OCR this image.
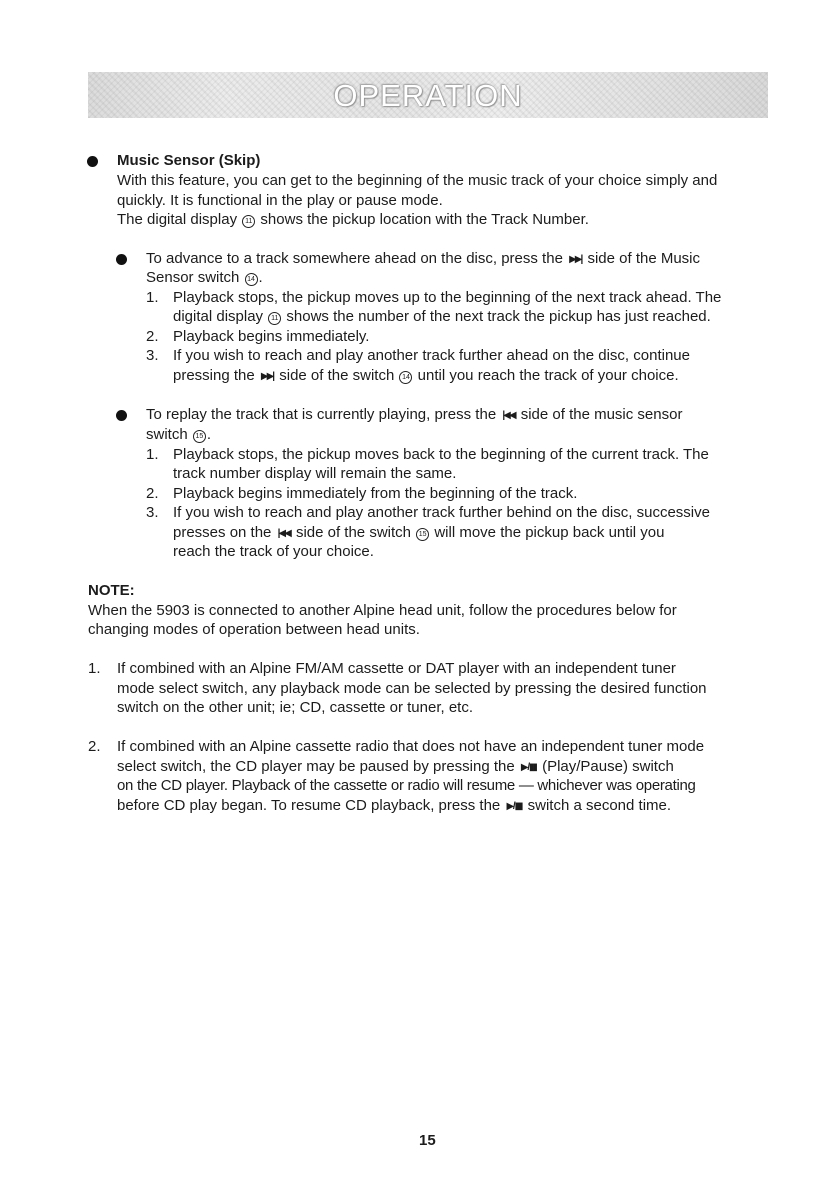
OPERATION
Music Sensor (Skip)
With this feature, you can get to the beginning of the music track of your choice simply and
quickly. It is functional in the play or pause mode.
The digital display 11 shows the pickup location with the Track Number.
To advance to a track somewhere ahead on the disc, press the ▶▶| side of the Music
Sensor switch 14 .
1. Playback stops, the pickup moves up to the beginning of the next track ahead. The
digital display 11 shows the number of the next track the pickup has just reached.
2. Playback begins immediately.
3. If you wish to reach and play another track further ahead on the disc, continue
pressing the ▶▶| side of the switch 14 until you reach the track of your choice.
To replay the track that is currently playing, press the |◀◀ side of the music sensor
switch 15 .
1. Playback stops, the pickup moves back to the beginning of the current track. The
track number display will remain the same.
2. Playback begins immediately from the beginning of the track.
3. If you wish to reach and play another track further behind on the disc, successive
presses on the |◀◀ side of the switch 15 will move the pickup back until you
reach the track of your choice.
NOTE:
When the 5903 is connected to another Alpine head unit, follow the procedures below for
changing modes of operation between head units.
1.	If combined with an Alpine FM/AM cassette or DAT player with an independent tuner
mode select switch, any playback mode can be selected by pressing the desired function
switch on the other unit; ie; CD, cassette or tuner, etc.
2.	If combined with an Alpine cassette radio that does not have an independent tuner mode
select switch, the CD player may be paused by pressing the ▶ / ▮▮ (Play/Pause) switch
on the CD player. Playback of the cassette or radio will resume — whichever was operating
before CD play began. To resume CD playback, press the ▶ / ▮▮ switch a second time.
15
